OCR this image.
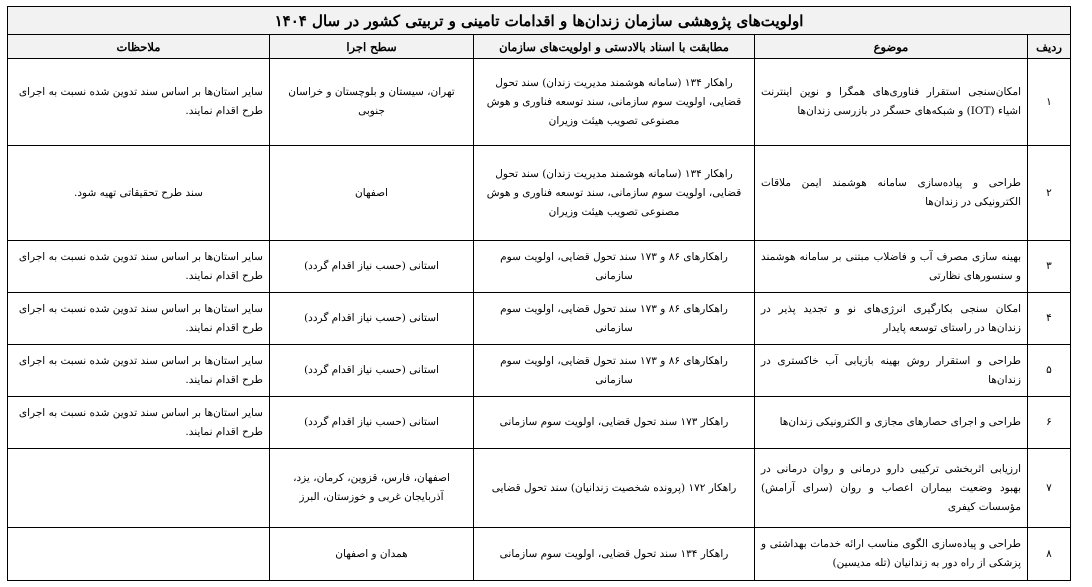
اولویت‌های پژوهشی سازمان زندان‌ها و اقدامات تامینی و تربیتی کشور در سال ۱۴۰۴				
ردیف	موضوع	مطابقت با اسناد بالادستی و اولویت‌های سازمان	سطح اجرا	ملاحظات
۱	امکان‌سنجی استقرار فناوری‌های همگرا و نوین اینترنت اشیاء (IOT) و شبکه‌های حسگر در بازرسی زندان‌ها	راهکار ۱۳۴ (سامانه هوشمند مدیریت زندان) سند تحول قضایی، اولویت سوم سازمانی، سند توسعه فناوری و هوش مصنوعی تصویب هیئت وزیران	تهران، سیستان و بلوچستان و خراسان جنوبی	سایر استان‌ها بر اساس سند تدوین شده نسبت به اجرای طرح اقدام نمایند.
۲	طراحی و پیاده‌سازی سامانه هوشمند ایمن ملاقات الکترونیکی در زندان‌ها	راهکار ۱۳۴ (سامانه هوشمند مدیریت زندان) سند تحول قضایی، اولویت سوم سازمانی، سند توسعه فناوری و هوش مصنوعی تصویب هیئت وزیران	اصفهان	سند طرح تحقیقاتی تهیه شود.
۳	بهینه سازی مصرف آب و فاضلاب مبتنی بر سامانه هوشمند و سنسورهای نظارتی	راهکارهای ۸۶ و ۱۷۳ سند تحول قضایی، اولویت سوم سازمانی	استانی (حسب نیاز اقدام گردد)	سایر استان‌ها بر اساس سند تدوین شده نسبت به اجرای طرح اقدام نمایند.
۴	امکان سنجی بکارگیری انرژی‌های نو و تجدید پذیر در زندان‌ها در راستای توسعه پایدار	راهکارهای ۸۶ و ۱۷۳ سند تحول قضایی، اولویت سوم سازمانی	استانی (حسب نیاز اقدام گردد)	سایر استان‌ها بر اساس سند تدوین شده نسبت به اجرای طرح اقدام نمایند.
۵	طراحی و استقرار روش بهینه بازیابی آب خاکستری در زندان‌ها	راهکارهای ۸۶ و ۱۷۳ سند تحول قضایی، اولویت سوم سازمانی	استانی (حسب نیاز اقدام گردد)	سایر استان‌ها بر اساس سند تدوین شده نسبت به اجرای طرح اقدام نمایند.
۶	طراحی و اجرای حصارهای مجازی و الکترونیکی زندان‌ها	راهکار ۱۷۳ سند تحول قضایی، اولویت سوم سازمانی	استانی (حسب نیاز اقدام گردد)	سایر استان‌ها بر اساس سند تدوین شده نسبت به اجرای طرح اقدام نمایند.
۷	ارزیابی اثربخشی ترکیبی دارو درمانی و روان درمانی در بهبود وضعیت بیماران اعصاب و روان (سرای آرامش) مؤسسات کیفری	راهکار ۱۷۲ (پرونده شخصیت زندانیان) سند تحول قضایی	اصفهان، فارس، قزوین، کرمان، یزد، آذربایجان غربی و خوزستان، البرز	
۸	طراحی و پیاده‌سازی الگوی مناسب ارائه خدمات بهداشتی و پزشکی از راه دور به زندانیان (تله مدیسین)	راهکار ۱۳۴ سند تحول قضایی، اولویت سوم سازمانی	همدان و اصفهان	
